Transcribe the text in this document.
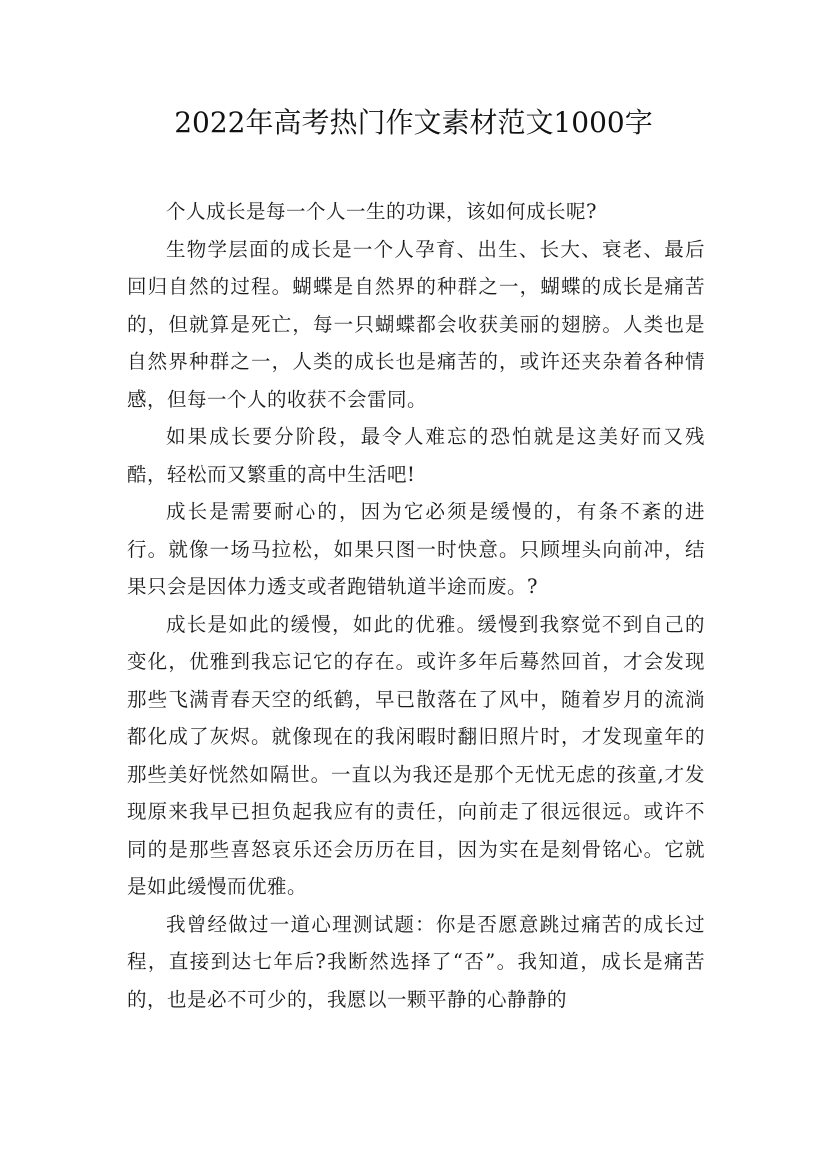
2022年高考热门作文素材范文1000字

个人成长是每一个人一生的功课，该如何成长呢?

生物学层面的成长是一个人孕育、出生、长大、衰老、最后回归自然的过程。蝴蝶是自然界的种群之一，蝴蝶的成长是痛苦的，但就算是死亡，每一只蝴蝶都会收获美丽的翅膀。人类也是自然界种群之一，人类的成长也是痛苦的，或许还夹杂着各种情感，但每一个人的收获不会雷同。

如果成长要分阶段，最令人难忘的恐怕就是这美好而又残酷，轻松而又繁重的高中生活吧!

成长是需要耐心的，因为它必须是缓慢的，有条不紊的进行。就像一场马拉松，如果只图一时快意。只顾埋头向前冲，结果只会是因体力透支或者跑错轨道半途而废。?

成长是如此的缓慢，如此的优雅。缓慢到我察觉不到自己的变化，优雅到我忘记它的存在。或许多年后蓦然回首，才会发现那些飞满青春天空的纸鹤，早已散落在了风中，随着岁月的流淌都化成了灰烬。就像现在的我闲暇时翻旧照片时，才发现童年的那些美好恍然如隔世。一直以为我还是那个无忧无虑的孩童,才发现原来我早已担负起我应有的责任，向前走了很远很远。或许不同的是那些喜怒哀乐还会历历在目，因为实在是刻骨铭心。它就是如此缓慢而优雅。

我曾经做过一道心理测试题：你是否愿意跳过痛苦的成长过程，直接到达七年后?我断然选择了“否”。我知道，成长是痛苦的，也是必不可少的，我愿以一颗平静的心静静的
